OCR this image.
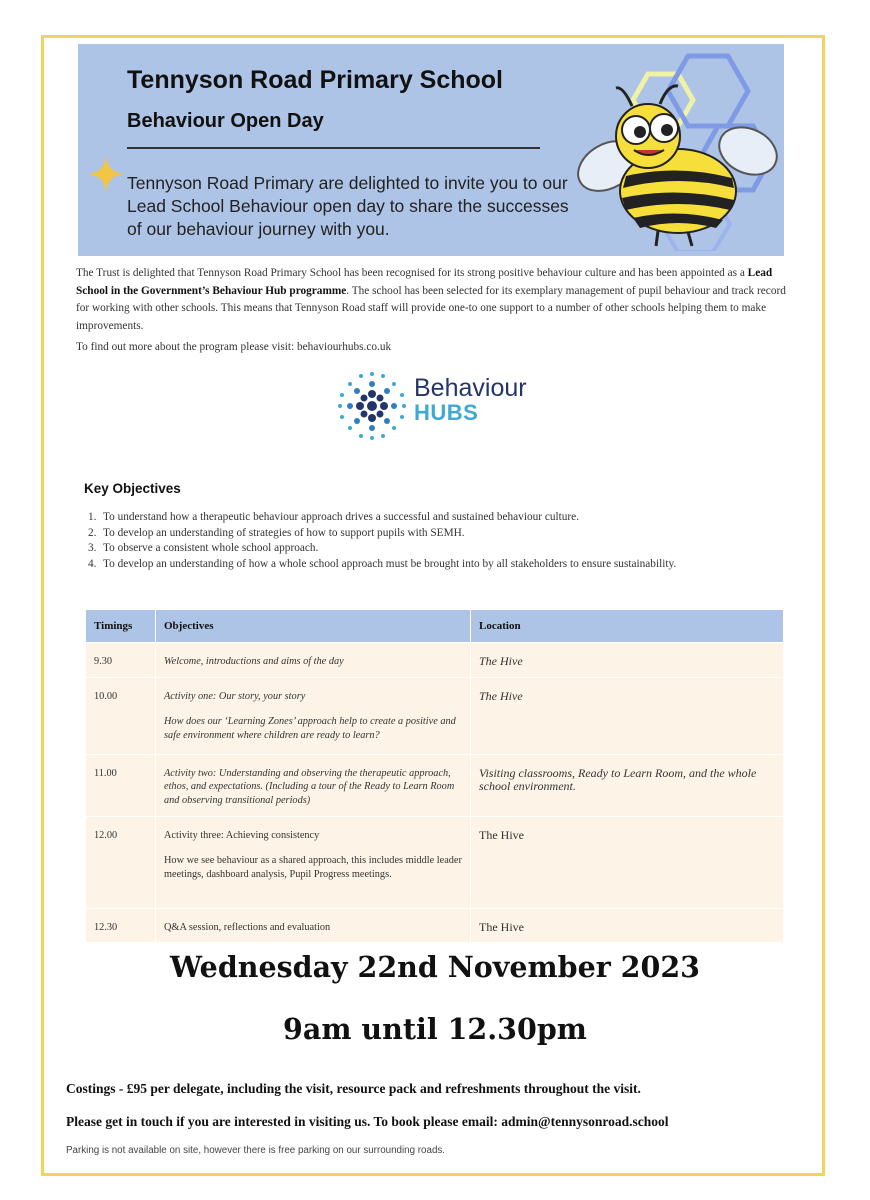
Tennyson Road Primary School
Behaviour Open Day
Tennyson Road Primary are delighted to invite you to our Lead School Behaviour open day to share the successes of our behaviour journey with you.
The Trust is delighted that Tennyson Road Primary School has been recognised for its strong positive behaviour culture and has been appointed as a Lead School in the Government’s Behaviour Hub programme. The school has been selected for its exemplary management of pupil behaviour and track record for working with other schools. This means that Tennyson Road staff will provide one-to one support to a number of other schools helping them to make improvements.
To find out more about the program please visit: behaviourhubs.co.uk
Behaviour
HUBS
Key Objectives
1. To understand how a therapeutic behaviour approach drives a successful and sustained behaviour culture.
2. To develop an understanding of strategies of how to support pupils with SEMH.
3. To observe a consistent whole school approach.
4. To develop an understanding of how a whole school approach must be brought into by all stakeholders to ensure sustainability.
Timings	Objectives	Location
9.30	Welcome, introductions and aims of the day	The Hive
10.00	Activity one: Our story, your story
How does our ‘Learning Zones’ approach help to create a positive and safe environment where children are ready to learn?	The Hive
11.00	Activity two: Understanding and observing the therapeutic approach, ethos, and expectations. (Including a tour of the Ready to Learn Room and observing transitional periods)	Visiting classrooms, Ready to Learn Room, and the whole school environment.
12.00	Activity three: Achieving consistency
How we see behaviour as a shared approach, this includes middle leader meetings, dashboard analysis, Pupil Progress meetings.	The Hive
12.30	Q&A session, reflections and evaluation	The Hive
Wednesday 22nd November 2023
9am until 12.30pm
Costings - £95 per delegate, including the visit, resource pack and refreshments throughout the visit.
Please get in touch if you are interested in visiting us. To book please email: admin@tennysonroad.school
Parking is not available on site, however there is free parking on our surrounding roads.
